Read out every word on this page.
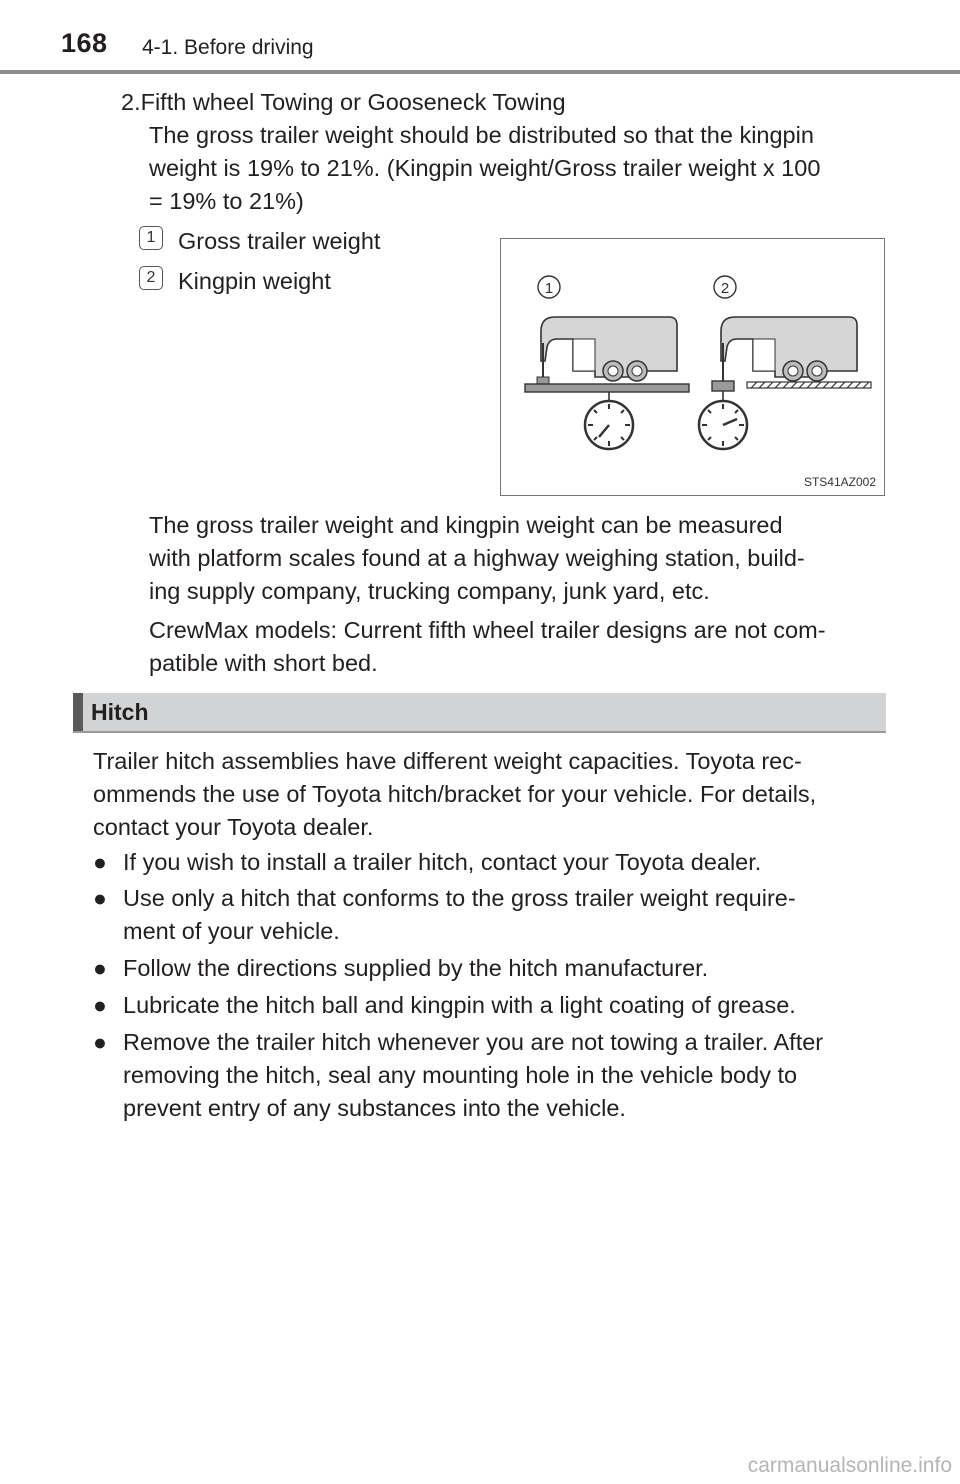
168 4-1. Before driving
2.Fifth wheel Towing or Gooseneck Towing
The gross trailer weight should be distributed so that the kingpin
weight is 19% to 21%. (Kingpin weight/Gross trailer weight x 100
= 19% to 21%)
1 Gross trailer weight
2 Kingpin weight	1	2
STS41AZ002
The gross trailer weight and kingpin weight can be measured
with platform scales found at a highway weighing station, build-
ing supply company, trucking company, junk yard, etc.
CrewMax models: Current fifth wheel trailer designs are not com-
patible with short bed.
Hitch
Trailer hitch assemblies have different weight capacities. Toyota rec-
ommends the use of Toyota hitch/bracket for your vehicle. For details,
contact your Toyota dealer.
● If you wish to install a trailer hitch, contact your Toyota dealer.
● Use only a hitch that conforms to the gross trailer weight require-
ment of your vehicle.
● Follow the directions supplied by the hitch manufacturer.
● Lubricate the hitch ball and kingpin with a light coating of grease.
● Remove the trailer hitch whenever you are not towing a trailer. After
removing the hitch, seal any mounting hole in the vehicle body to
prevent entry of any substances into the vehicle.
carmanualsonline.info
